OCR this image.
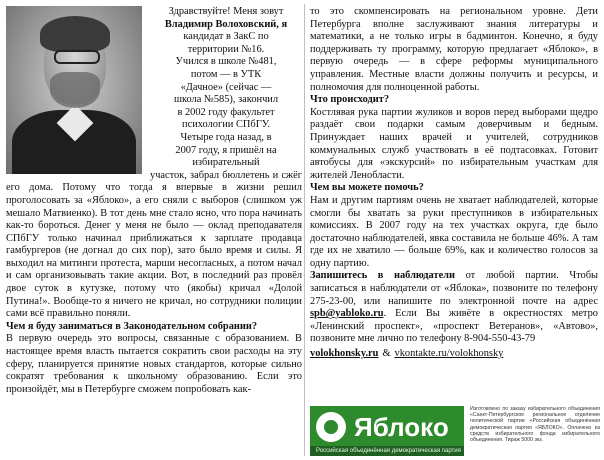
Здравствуйте! Меня зовут

Владимир Волоховский, я

кандидат в ЗакС по

территории №16.

Учился в школе №481,

потом — в УТК

«Дачное» (сейчас —

школа №585), закончил

в 2002 году факультет

психологии СПбГУ.

Четыре года назад, в

2007 году, я пришёл на

избирательный

участок, забрал бюллетень и сжёг его дома. Потому что тогда я впервые в жизни решил проголосовать за «Яблоко», а его сняли с выборов (слишком уж мешало Матвиенко). В тот день мне стало ясно, что пора начинать как-то бороться. Денег у меня не было — оклад преподавателя СПбГУ только начинал приближаться к зарплате продавца гамбургеров (не догнал до сих пор), зато было время и силы. Я выходил на митинги протеста, марши несогласных, а потом начал и сам организовывать такие акции. Вот, в последний раз провёл двое суток в кутузке, потому что (якобы) кричал «Долой Путина!». Вообще-то я ничего не кричал, но сотрудники полиции сами всё правильно поняли.

Чем я буду заниматься в Законодательном собрании?

В первую очередь это вопросы, связанные с образованием. В настоящее время власть пытается сократить свои расходы на эту сферу, планируется принятие новых стандартов, которые сильно сократят требования к школьному образованию. Если это произойдёт, мы в Петербурге сможем попробовать как-

то это скомпенсировать на региональном уровне. Дети Петербурга вполне заслуживают знания литературы и математики, а не только игры в бадминтон. Конечно, я буду поддерживать ту программу, которую предлагает «Яблоко», в первую очередь — в сфере реформы муниципального управления. Местные власти должны получить и ресурсы, и полномочия для полноценной работы.

Что происходит?

Костлявая рука партии жуликов и воров перед выборами щедро раздаёт свои подарки самым доверчивым и бедным. Принуждает наших врачей и учителей, сотрудников коммунальных служб участвовать в её подтасовках. Готовит автобусы для «экскурсий» по избирательным участкам для жителей Ленобласти.

Чем вы можете помочь?

Нам и другим партиям очень не хватает наблюдателей, которые смогли бы хватать за руки преступников в избирательных комиссиях. В 2007 году на тех участках округа, где было достаточно наблюдателей, явка составила не больше 46%. А там где их не хватило — больше 69%, как и количество голосов за одну партию.

Запишитесь в наблюдатели от любой партии. Чтобы записаться в наблюдатели от «Яблока», позвоните по телефону 275-23-00, или напишите по электронной почте на адрес spb@yabloko.ru. Если Вы живёте в окрестностях метро «Ленинский проспект», «проспект Ветеранов», «Автово», позвоните мне лично по телефону 8-904-550-43-79

volokhonsky.ru & vkontakte.ru/volokhonsky
Яблоко
Российская объединённая демократическая партия
Изготовлено по заказу избирательного объединения «Санкт-Петербургское региональное отделение политической партии «Российская объединённая демократическая партия «ЯБЛОКО». Оплачено из средств избирательного фонда избирательного объединения. Тираж 5000 экз.
